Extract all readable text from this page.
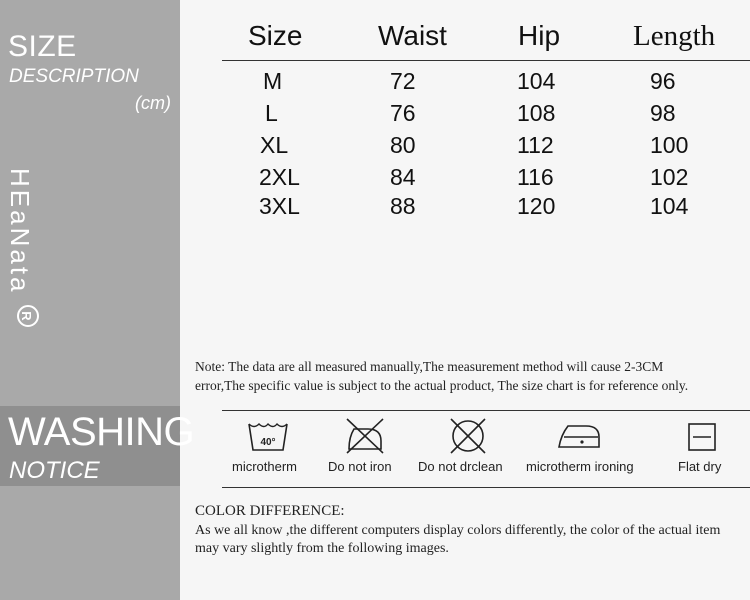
SIZE
DESCRIPTION
(cm)
HEaNata
R
WASHING
NOTICE
Size	Waist	Hip	Length
M	72	104	96
L	76	108	98
XL	80	112	100
2XL	84	116	102
3XL	88	120	104
Note: The data are all measured manually,The measurement method will cause 2-3CM
error,The specific value is subject to the actual product, The size chart is for reference only.
40°
microtherm Do not iron Do not drclean microtherm ironing	Flat dry
COLOR DIFFERENCE:
As we all know ,the different computers display colors differently, the color of the actual item
may vary slightly from the following images.
